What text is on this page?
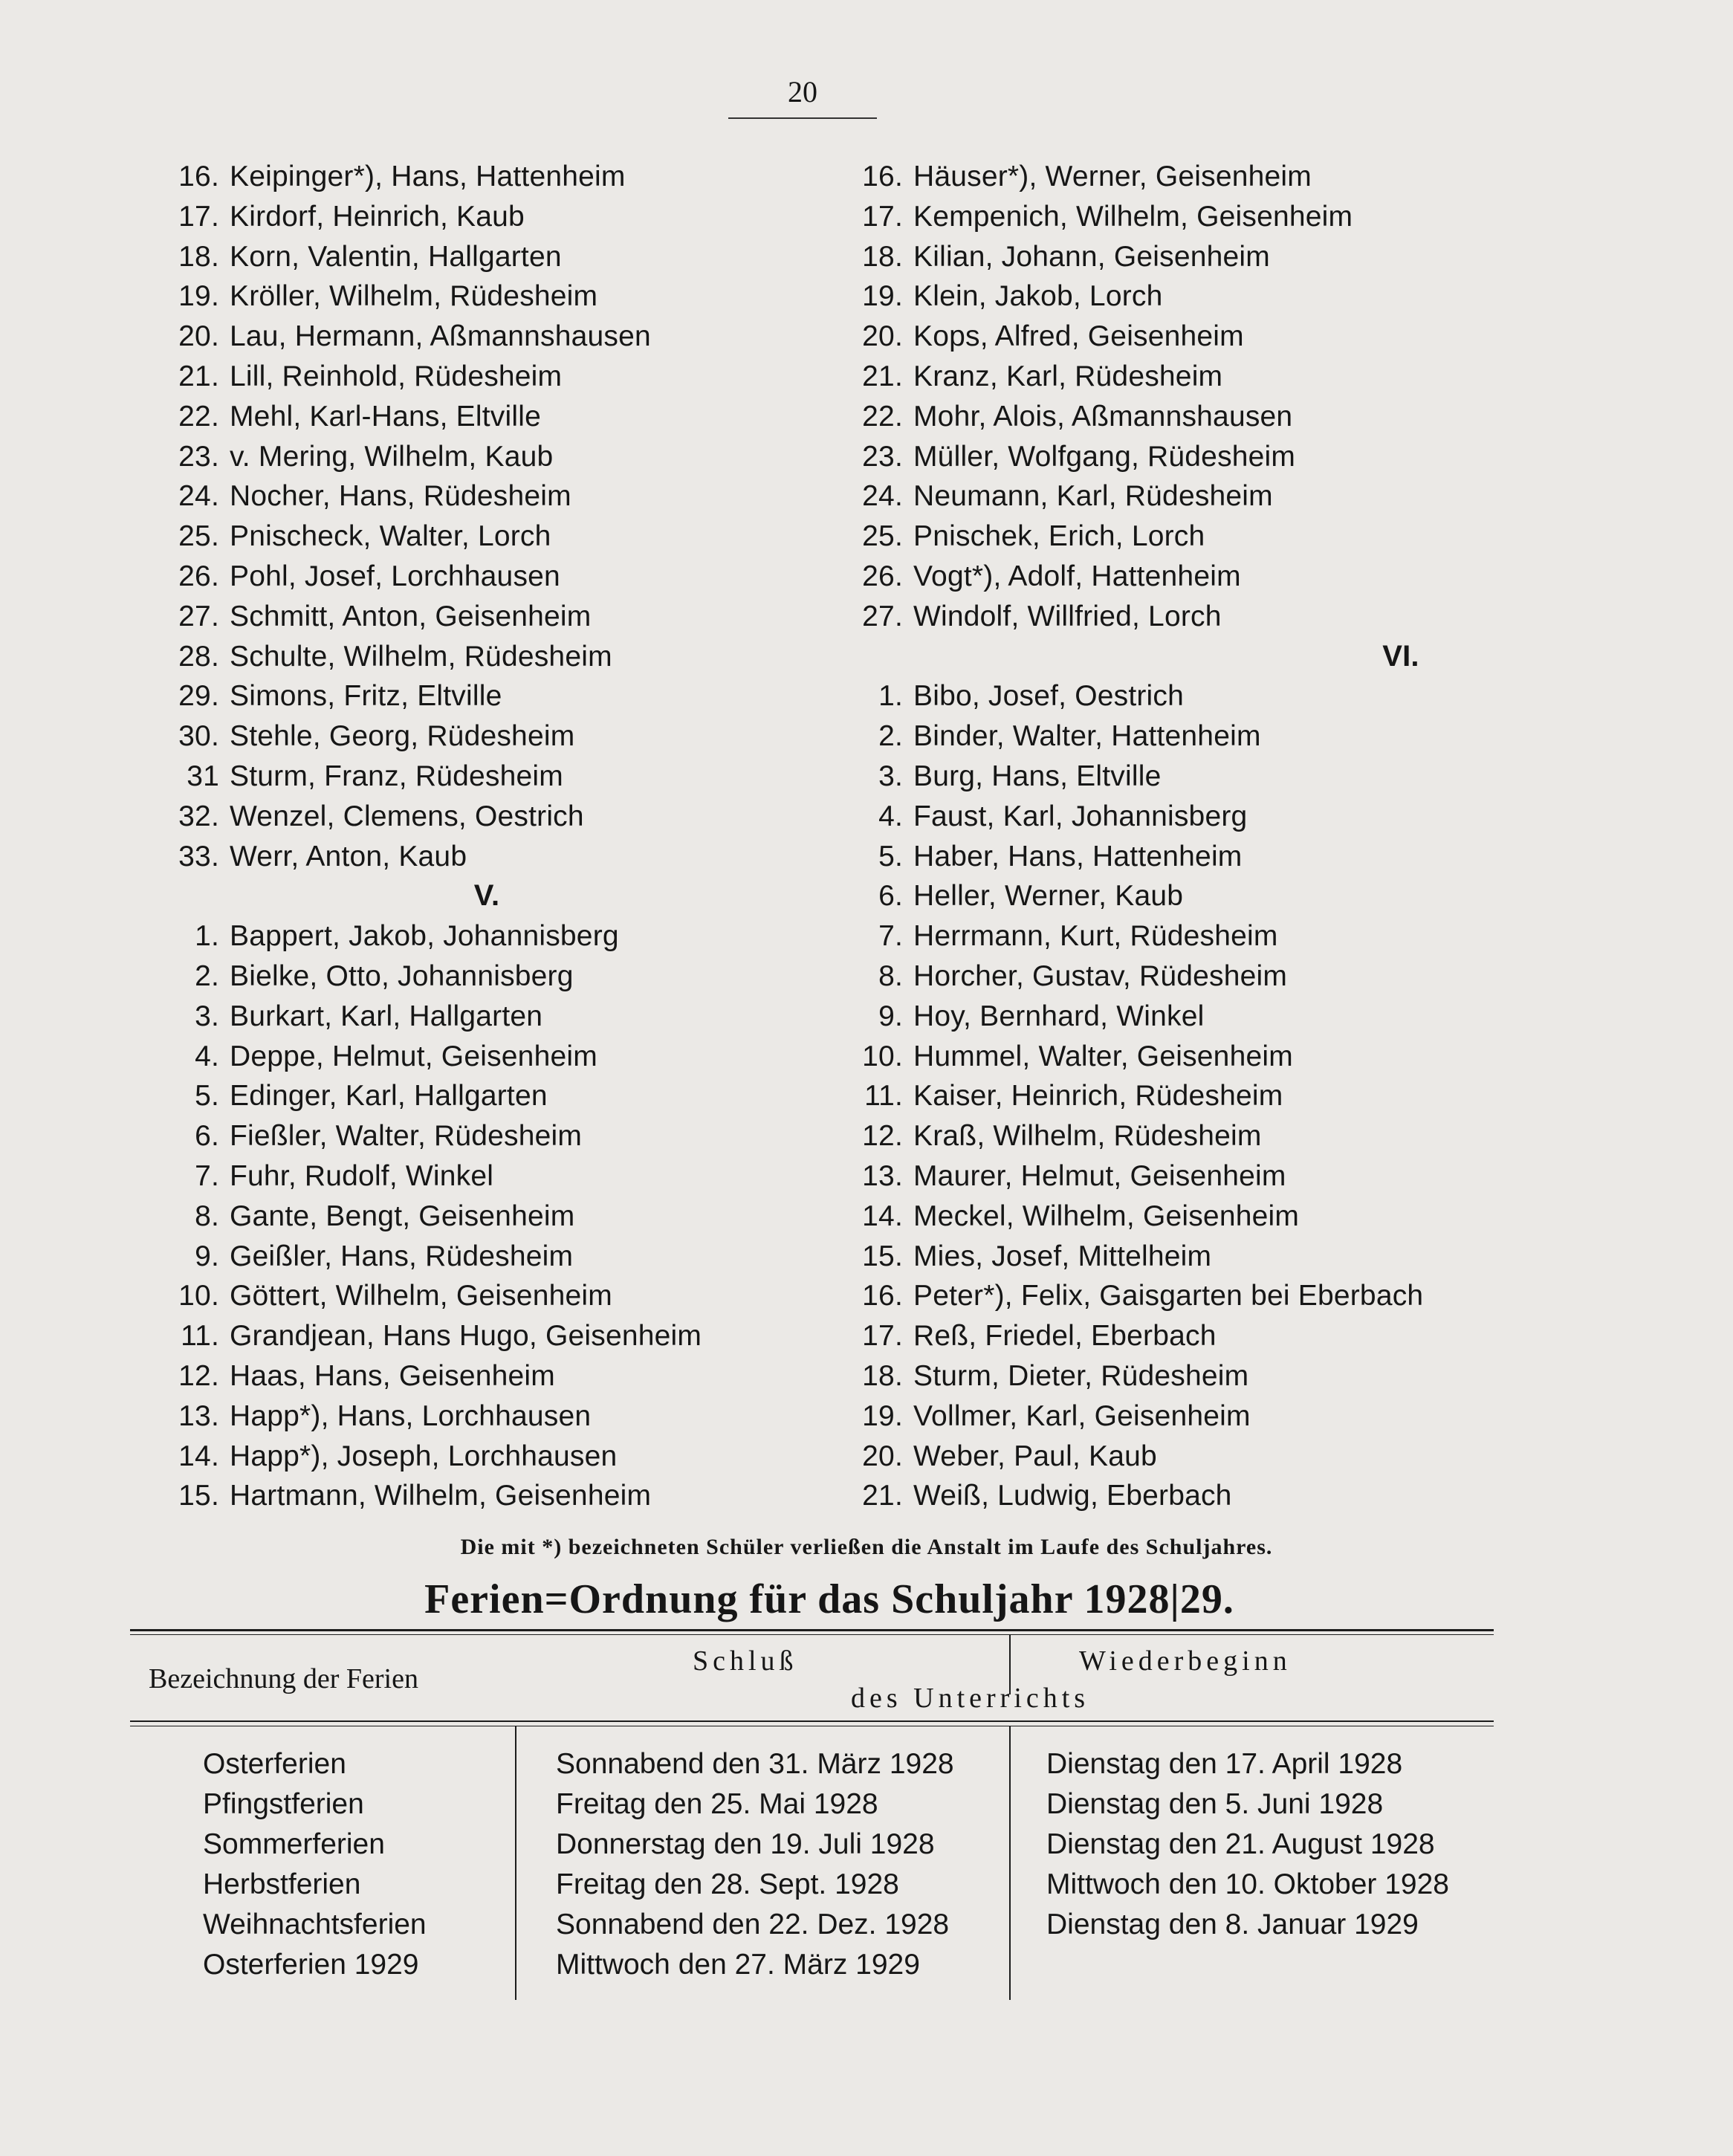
20
16. Keipinger*), Hans, Hattenheim
17. Kirdorf, Heinrich, Kaub
18. Korn, Valentin, Hallgarten
19. Kröller, Wilhelm, Rüdesheim
20. Lau, Hermann, Aßmannshausen
21. Lill, Reinhold, Rüdesheim
22. Mehl, Karl-Hans, Eltville
23. v. Mering, Wilhelm, Kaub
24. Nocher, Hans, Rüdesheim
25. Pnischeck, Walter, Lorch
26. Pohl, Josef, Lorchhausen
27. Schmitt, Anton, Geisenheim
28. Schulte, Wilhelm, Rüdesheim
29. Simons, Fritz, Eltville
30. Stehle, Georg, Rüdesheim
31 Sturm, Franz, Rüdesheim
32. Wenzel, Clemens, Oestrich
33. Werr, Anton, Kaub
V.
1. Bappert, Jakob, Johannisberg
2. Bielke, Otto, Johannisberg
3. Burkart, Karl, Hallgarten
4. Deppe, Helmut, Geisenheim
5. Edinger, Karl, Hallgarten
6. Fießler, Walter, Rüdesheim
7. Fuhr, Rudolf, Winkel
8. Gante, Bengt, Geisenheim
9. Geißler, Hans, Rüdesheim
10. Göttert, Wilhelm, Geisenheim
11. Grandjean, Hans Hugo, Geisenheim
12. Haas, Hans, Geisenheim
13. Happ*), Hans, Lorchhausen
14. Happ*), Joseph, Lorchhausen
15. Hartmann, Wilhelm, Geisenheim
16. Häuser*), Werner, Geisenheim
17. Kempenich, Wilhelm, Geisenheim
18. Kilian, Johann, Geisenheim
19. Klein, Jakob, Lorch
20. Kops, Alfred, Geisenheim
21. Kranz, Karl, Rüdesheim
22. Mohr, Alois, Aßmannshausen
23. Müller, Wolfgang, Rüdesheim
24. Neumann, Karl, Rüdesheim
25. Pnischek, Erich, Lorch
26. Vogt*), Adolf, Hattenheim
27. Windolf, Willfried, Lorch
VI.
1. Bibo, Josef, Oestrich
2. Binder, Walter, Hattenheim
3. Burg, Hans, Eltville
4. Faust, Karl, Johannisberg
5. Haber, Hans, Hattenheim
6. Heller, Werner, Kaub
7. Herrmann, Kurt, Rüdesheim
8. Horcher, Gustav, Rüdesheim
9. Hoy, Bernhard, Winkel
10. Hummel, Walter, Geisenheim
11. Kaiser, Heinrich, Rüdesheim
12. Kraß, Wilhelm, Rüdesheim
13. Maurer, Helmut, Geisenheim
14. Meckel, Wilhelm, Geisenheim
15. Mies, Josef, Mittelheim
16. Peter*), Felix, Gaisgarten bei Eberbach
17. Reß, Friedel, Eberbach
18. Sturm, Dieter, Rüdesheim
19. Vollmer, Karl, Geisenheim
20. Weber, Paul, Kaub
21. Weiß, Ludwig, Eberbach
Die mit *) bezeichneten Schüler verließen die Anstalt im Laufe des Schuljahres.
Ferien=Ordnung für das Schuljahr 1928|29.
Bezeichnung der Ferien
Schluß	Wiederbeginn
des Unterrichts
Osterferien	Sonnabend den 31. März 1928	Dienstag den 17. April 1928
Pfingstferien	Freitag den 25. Mai 1928	Dienstag den 5. Juni 1928
Sommerferien	Donnerstag den 19. Juli 1928	Dienstag den 21. August 1928
Herbstferien	Freitag den 28. Sept. 1928	Mittwoch den 10. Oktober 1928
Weihnachtsferien	Sonnabend den 22. Dez. 1928	Dienstag den 8. Januar 1929
Osterferien 1929	Mittwoch den 27. März 1929
